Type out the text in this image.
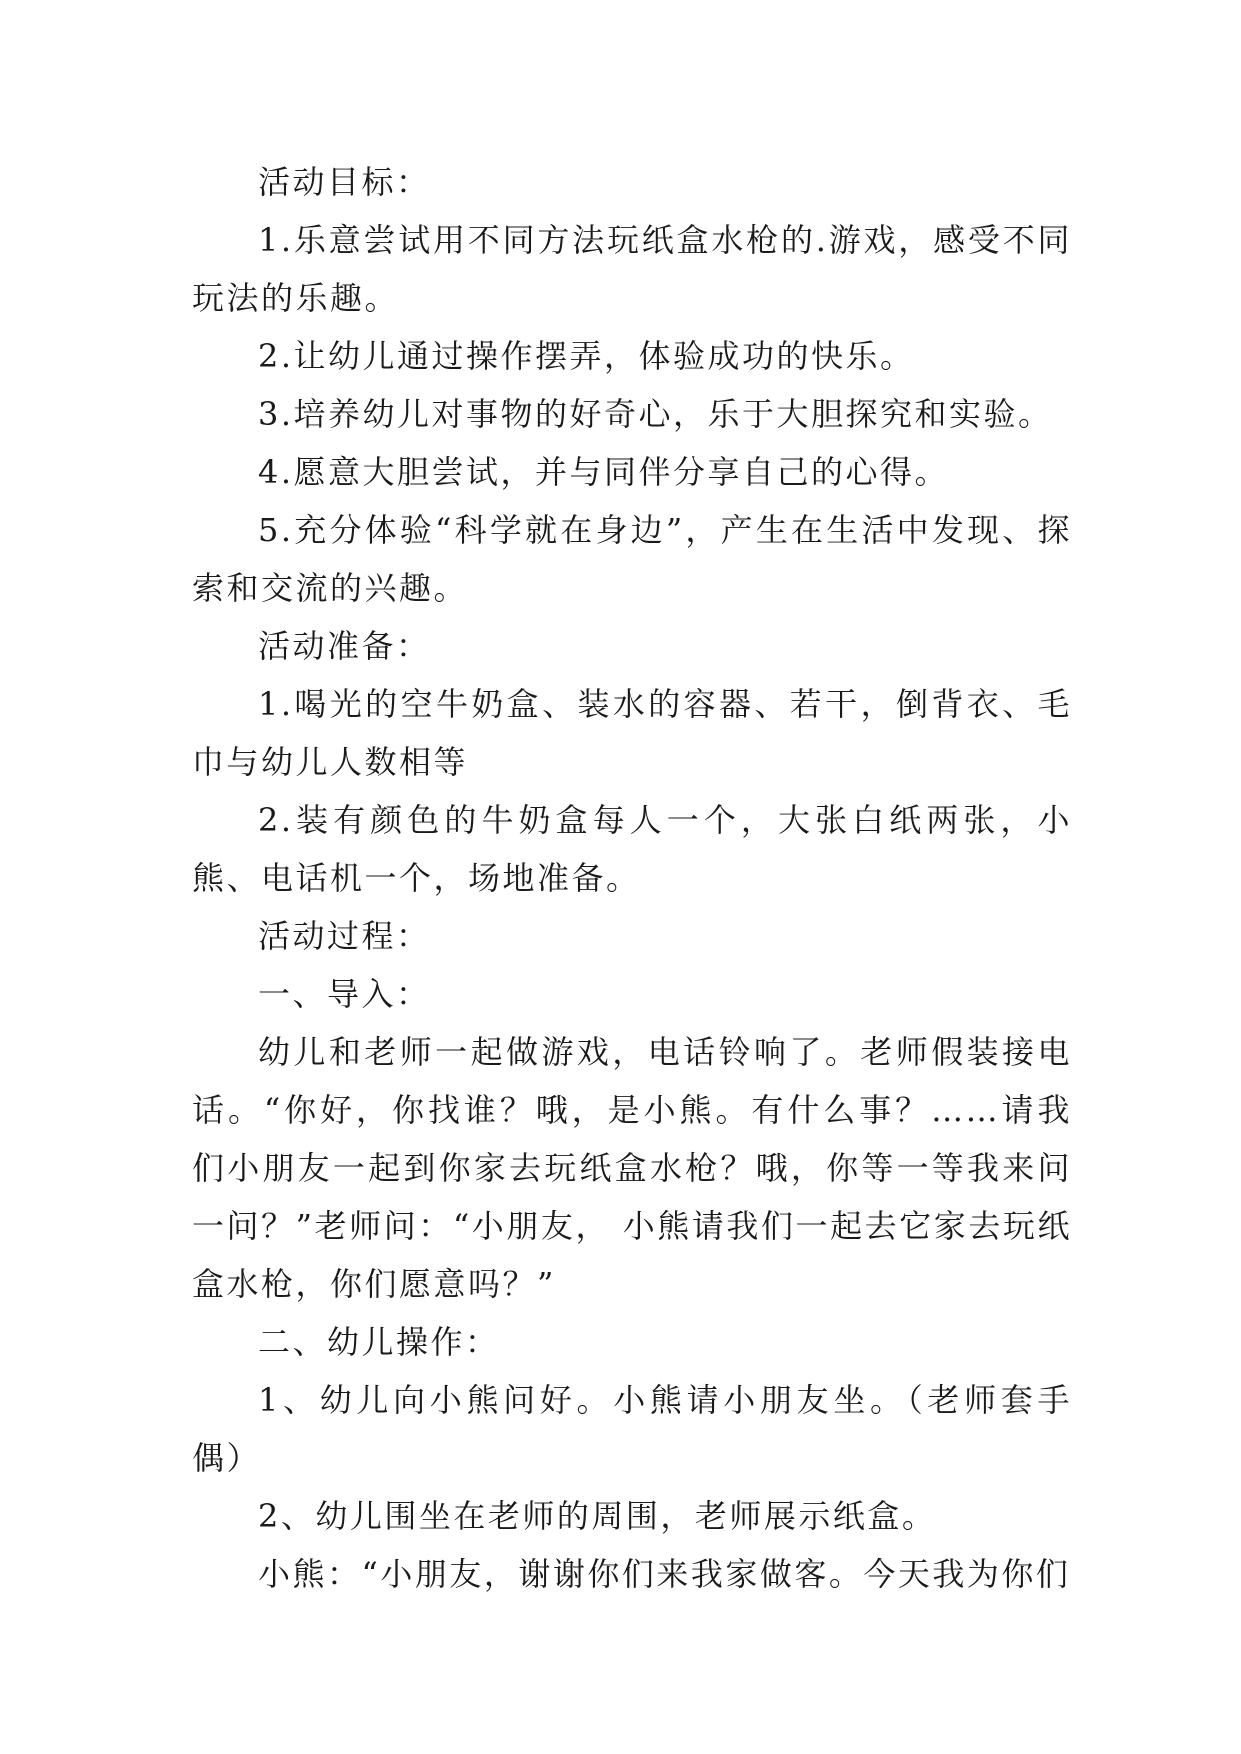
活动目标：

1.乐意尝试用不同方法玩纸盒水枪的.游戏，感受不同玩法的乐趣。

2.让幼儿通过操作摆弄，体验成功的快乐。

3.培养幼儿对事物的好奇心，乐于大胆探究和实验。

4.愿意大胆尝试，并与同伴分享自己的心得。

5.充分体验“科学就在身边”，产生在生活中发现、探索和交流的兴趣。

活动准备：

1.喝光的空牛奶盒、装水的容器、若干，倒背衣、毛巾与幼儿人数相等

2.装有颜色的牛奶盒每人一个，大张白纸两张，小熊、电话机一个，场地准备。

活动过程：

一、导入：

幼儿和老师一起做游戏，电话铃响了。老师假装接电话。“你好，你找谁？哦，是小熊。有什么事？……请我们小朋友一起到你家去玩纸盒水枪？哦，你等一等我来问一问？”老师问：“小朋友， 小熊请我们一起去它家去玩纸盒水枪，你们愿意吗？”

二、幼儿操作：

1、幼儿向小熊问好。小熊请小朋友坐。（老师套手偶）

2、幼儿围坐在老师的周围，老师展示纸盒。

小熊：“小朋友，谢谢你们来我家做客。今天我为你们
